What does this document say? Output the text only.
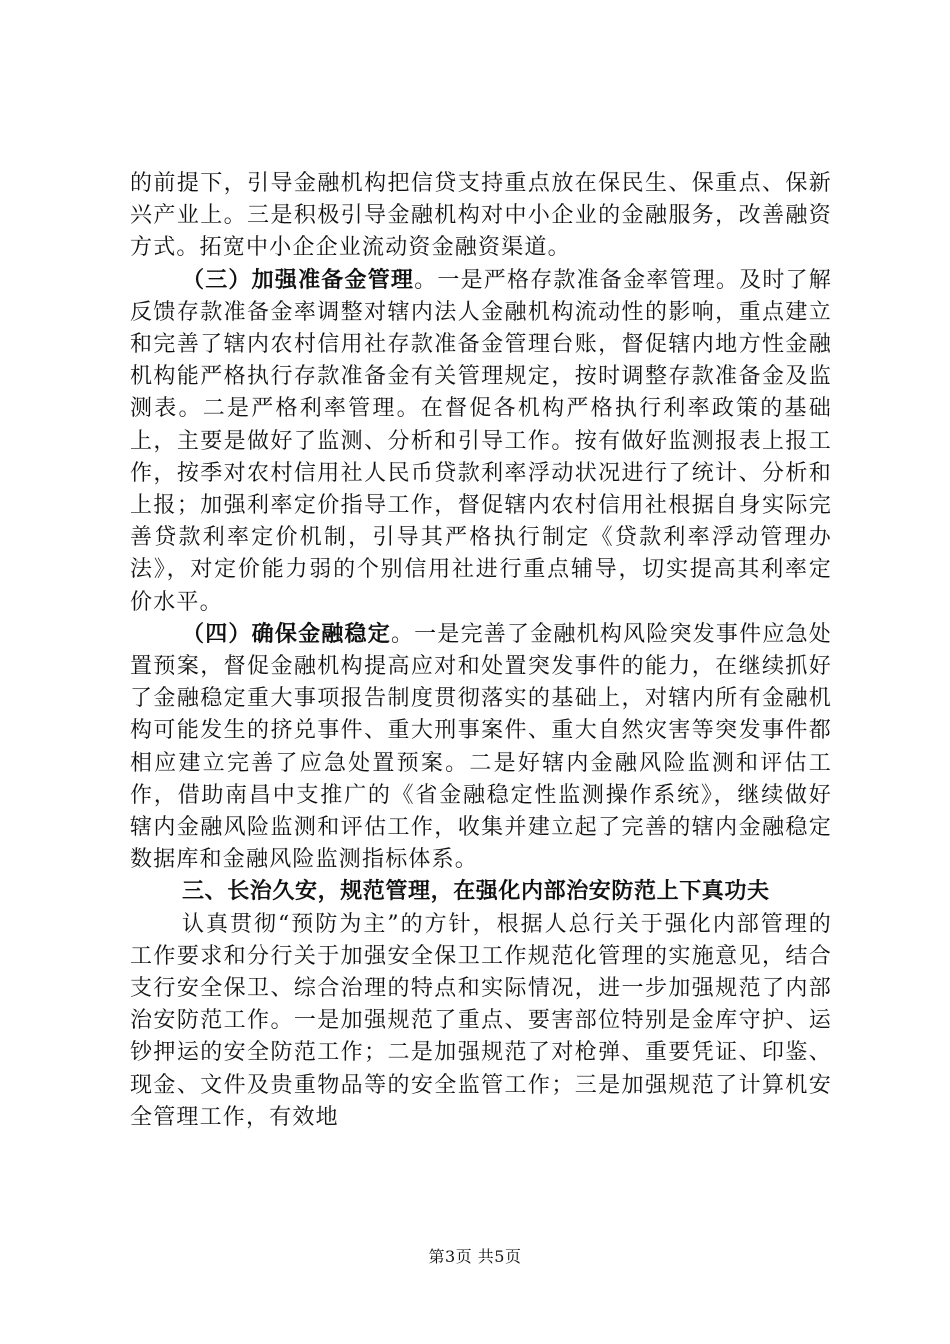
的前提下，引导金融机构把信贷支持重点放在保民生、保重点、保新兴产业上。三是积极引导金融机构对中小企业的金融服务，改善融资方式。拓宽中小企企业流动资金融资渠道。

（三）加强准备金管理。一是严格存款准备金率管理。及时了解反馈存款准备金率调整对辖内法人金融机构流动性的影响，重点建立和完善了辖内农村信用社存款准备金管理台账，督促辖内地方性金融机构能严格执行存款准备金有关管理规定，按时调整存款准备金及监测表。二是严格利率管理。在督促各机构严格执行利率政策的基础上，主要是做好了监测、分析和引导工作。按有做好监测报表上报工作，按季对农村信用社人民币贷款利率浮动状况进行了统计、分析和上报；加强利率定价指导工作，督促辖内农村信用社根据自身实际完善贷款利率定价机制，引导其严格执行制定《贷款利率浮动管理办法》，对定价能力弱的个别信用社进行重点辅导，切实提高其利率定价水平。

（四）确保金融稳定。一是完善了金融机构风险突发事件应急处置预案，督促金融机构提高应对和处置突发事件的能力，在继续抓好了金融稳定重大事项报告制度贯彻落实的基础上，对辖内所有金融机构可能发生的挤兑事件、重大刑事案件、重大自然灾害等突发事件都相应建立完善了应急处置预案。二是好辖内金融风险监测和评估工作，借助南昌中支推广的《省金融稳定性监测操作系统》，继续做好辖内金融风险监测和评估工作，收集并建立起了完善的辖内金融稳定数据库和金融风险监测指标体系。

三、长治久安，规范管理，在强化内部治安防范上下真功夫

认真贯彻“预防为主”的方针，根据人总行关于强化内部管理的工作要求和分行关于加强安全保卫工作规范化管理的实施意见，结合支行安全保卫、综合治理的特点和实际情况，进一步加强规范了内部治安防范工作。一是加强规范了重点、要害部位特别是金库守护、运钞押运的安全防范工作；二是加强规范了对枪弹、重要凭证、印鉴、现金、文件及贵重物品等的安全监管工作；三是加强规范了计算机安全管理工作，有效地

第3页 共5页
